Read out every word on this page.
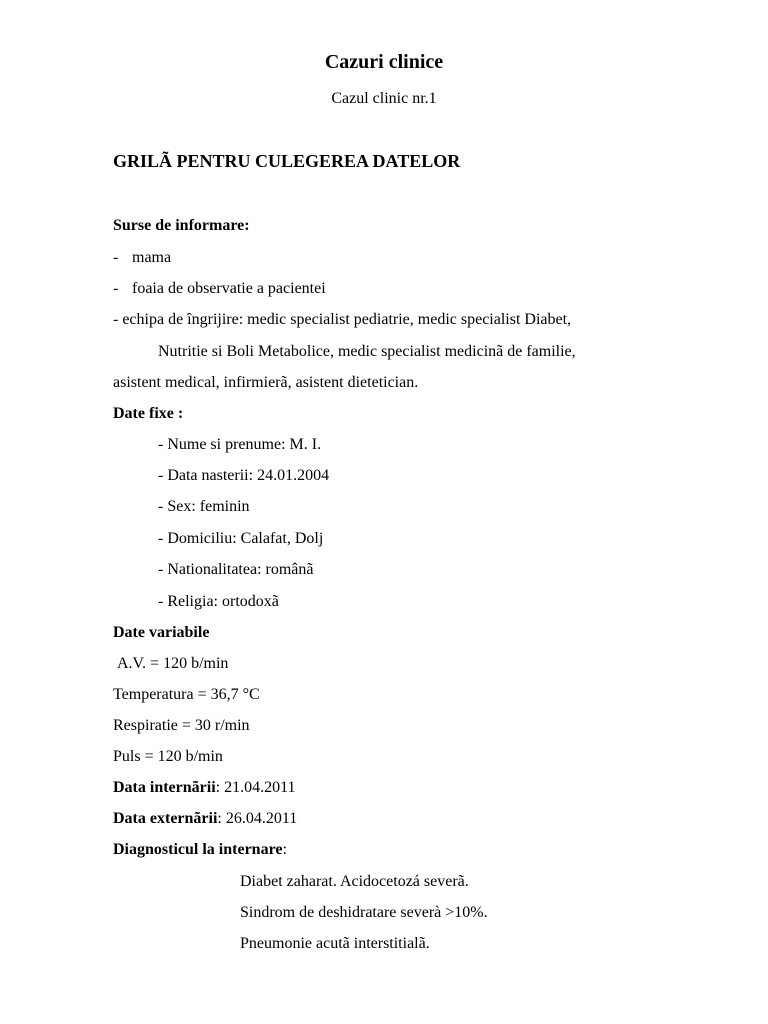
Cazuri clinice
Cazul clinic nr.1
GRILÃ PENTRU CULEGEREA DATELOR
Surse de informare:
- mama
- foaia de observatie a pacientei
- echipa de îngrijire: medic specialist pediatrie, medic specialist Diabet,
Nutritie si Boli Metabolice, medic specialist medicinã de familie,
asistent medical, infirmierã, asistent dietetician.
Date fixe :
- Nume si prenume: M. I.
- Data nasterii: 24.01.2004
- Sex: feminin
- Domiciliu: Calafat, Dolj
- Nationalitatea: românã
- Religia: ortodoxã
Date variabile
A.V. = 120 b/min
Temperatura = 36,7 °C
Respiratie = 30 r/min
Puls = 120 b/min
Data internãrii: 21.04.2011
Data externãrii: 26.04.2011
Diagnosticul la internare:
Diabet zaharat. Acidocetozá severã.
Sindrom de deshidratare severà >10%.
Pneumonie acutã interstitialã.
